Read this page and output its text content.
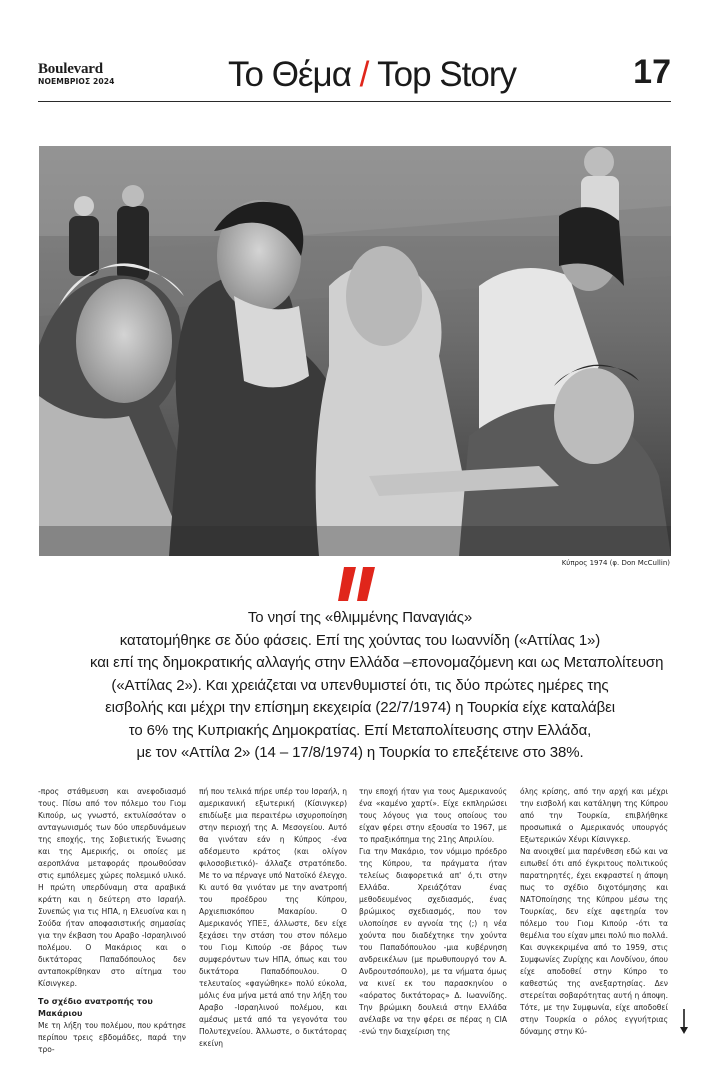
Boulevard
ΝΟΕΜΒΡΙΟΣ 2024	Το Θέμα / Top Story	17
Κύπρος 1974 (φ. Don McCullin)
Το νησί της «θλιμμένης Παναγιάς»
κατατομήθηκε σε δύο φάσεις. Επί της χούντας του Ιωαννίδη («Αττίλας 1»)
και επί της δημοκρατικής αλλαγής στην Ελλάδα –επονομαζόμενη και ως Μεταπολίτευση
(«Αττίλας 2»). Και χρειάζεται να υπενθυμιστεί ότι, τις δύο πρώτες ημέρες της
εισβολής και μέχρι την επίσημη εκεχειρία (22/7/1974) η Τουρκία είχε καταλάβει
το 6% της Κυπριακής Δημοκρατίας. Επί Μεταπολίτευσης στην Ελλάδα,
με τον «Αττίλα 2» (14 – 17/8/1974) η Τουρκία το επεξέτεινε στο 38%.

-προς στάθμευση και ανεφοδιασμό τους. Πίσω από τον πόλεμο του Γιομ Κιπούρ, ως γνωστό, εκτυλίσσόταν ο ανταγωνισμός των δύο υπερδυνάμεων της εποχής, της Σοβιετικής Ένωσης και της Αμερικής, οι οποίες με αεροπλάνα μεταφοράς προωθούσαν στις εμπόλεμες χώρες πολεμικό υλικό. Η πρώτη υπερδύναμη στα αραβικά κράτη και η δεύτερη στο Ισραήλ. Συνεπώς για τις ΗΠΑ, η Ελευσίνα και η Σούδα ήταν αποφασιστικής σημασίας για την έκβαση του Αραβο -Ισραηλινού πολέμου. Ο Μακάριος και ο δικτάτορας Παπαδόπουλος δεν ανταποκρίθηκαν στο αίτημα του Κίσινγκερ.

Το σχέδιο ανατροπής του Μακάριου

Με τη λήξη του πολέμου, που κράτησε περίπου τρεις εβδομάδες, παρά την τρο-

πή που τελικά πήρε υπέρ του Ισραήλ, η αμερικανική εξωτερική (Κίσινγκερ) επιδίωξε μια περαιτέρω ισχυροποίηση στην περιοχή της Α. Μεσογείου. Αυτό θα γινόταν εάν η Κύπρος -ένα αδέσμευτο κράτος (και ολίγον φιλοσοβιετικό)- άλλαζε στρατόπεδο. Με το να πέρναγε υπό Νατοϊκό έλεγχο. Κι αυτό θα γινόταν με την ανατροπή του προέδρου της Κύπρου, Αρχιεπισκόπου Μακαρίου. Ο Αμερικανός ΥΠΕΞ, άλλωστε, δεν είχε ξεχάσει την στάση του στον πόλεμο του Γιομ Κιπούρ -σε βάρος των συμφερόντων των ΗΠΑ, όπως και του δικτάτορα Παπαδόπουλου. Ο τελευταίος «φαγώθηκε» πολύ εύκολα, μόλις ένα μήνα μετά από την λήξη του Αραβο -Ισραηλινού πολέμου, και αμέσως μετά από τα γεγονότα του Πολυτεχνείου. Άλλωστε, ο δικτάτορας εκείνη

την εποχή ήταν για τους Αμερικανούς ένα «καμένο χαρτί». Είχε εκπληρώσει τους λόγους για τους οποίους του είχαν φέρει στην εξουσία το 1967, με το πραξικόπημα της 21ης Απριλίου.

Για την Μακάριο, τον νόμιμο πρόεδρο της Κύπρου, τα πράγματα ήταν τελείως διαφορετικά απ' ό,τι στην Ελλάδα. Χρειάζόταν ένας μεθοδευμένος σχεδιασμός, ένας βρώμικος σχεδιασμός, που τον υλοποίησε εν αγνοία της (;) η νέα χούντα που διαδέχτηκε την χούντα του Παπαδόπουλου -μια κυβέρνηση ανδρεικέλων (με πρωθυπουργό τον Α. Ανδρουτσόπουλο), με τα νήματα όμως να κινεί εκ του παρασκηνίου ο «αόρατος δικτάτορας» Δ. Ιωαννίδης. Την βρώμικη δουλειά στην Ελλάδα ανέλαβε να την φέρει σε πέρας η CIA -ενώ την διαχείριση της

όλης κρίσης, από την αρχή και μέχρι την εισβολή και κατάληψη της Κύπρου από την Τουρκία, επιβλήθηκε προσωπικά ο Αμερικανός υπουργός Εξωτερικών Χένρι Κίσινγκερ.

Να ανοιχθεί μια παρένθεση εδώ και να ειπωθεί ότι από έγκριτους πολιτικούς παρατηρητές, έχει εκφραστεί η άποψη πως το σχέδιο διχοτόμησης και ΝΑΤΟποίησης της Κύπρου μέσω της Τουρκίας, δεν είχε αφετηρία τον πόλεμο του Γιομ Κιπούρ -ότι τα θεμέλια του είχαν μπει πολύ πιο πολλά. Και συγκεκριμένα από το 1959, στις Συμφωνίες Ζυρίχης και Λονδίνου, όπου είχε αποδοθεί στην Κύπρο το καθεστώς της ανεξαρτησίας. Δεν στερείται σοβαρότητας αυτή η άποψη. Τότε, με την Συμφωνία, είχε αποδοθεί στην Τουρκία ο ρόλος εγγυήτριας δύναμης στην Κύ-
